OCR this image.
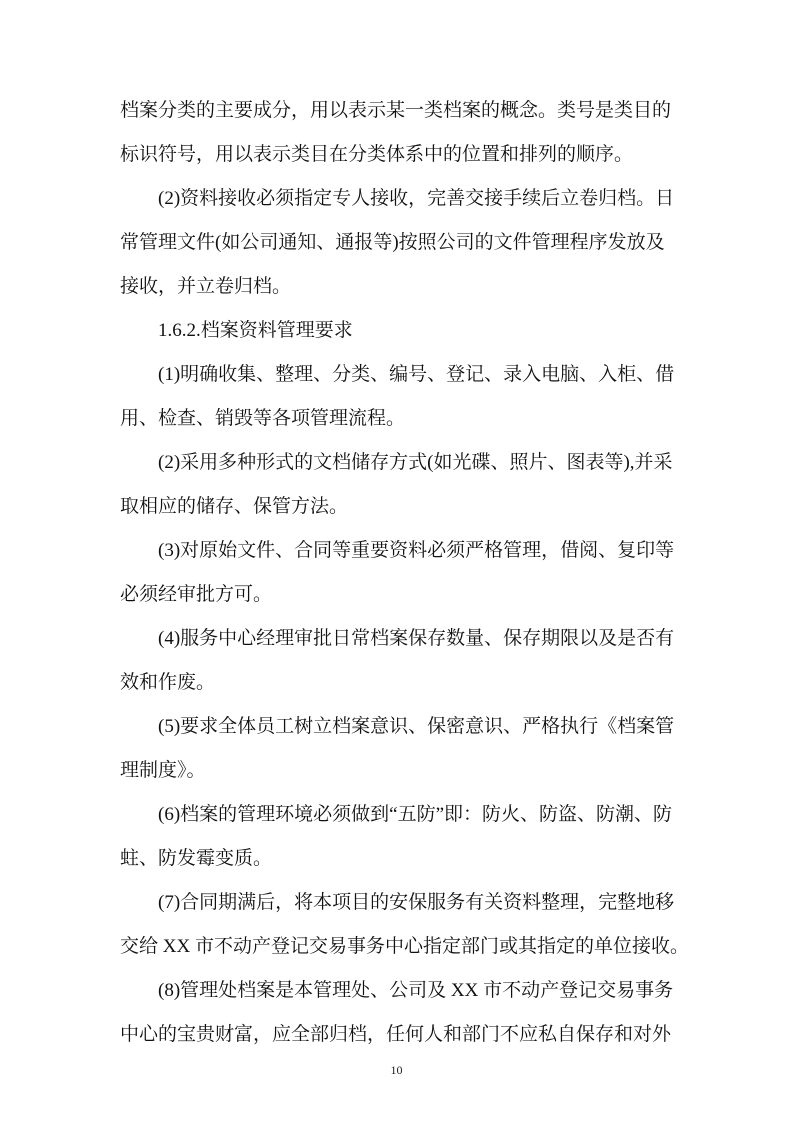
档案分类的主要成分，用以表示某一类档案的概念。类号是类目的
标识符号，用以表示类目在分类体系中的位置和排列的顺序。
(2)资料接收必须指定专人接收，完善交接手续后立卷归档。日
常管理文件(如公司通知、通报等)按照公司的文件管理程序发放及
接收，并立卷归档。
1.6.2.档案资料管理要求
(1)明确收集、整理、分类、编号、登记、录入电脑、入柜、借
用、检查、销毁等各项管理流程。
(2)采用多种形式的文档储存方式(如光碟、照片、图表等),并采
取相应的储存、保管方法。
(3)对原始文件、合同等重要资料必须严格管理，借阅、复印等
必须经审批方可。
(4)服务中心经理审批日常档案保存数量、保存期限以及是否有
效和作废。
(5)要求全体员工树立档案意识、保密意识、严格执行《档案管
理制度》。
(6)档案的管理环境必须做到“五防”即：防火、防盗、防潮、防
蛀、防发霉变质。
(7)合同期满后，将本项目的安保服务有关资料整理，完整地移
交给 XX 市不动产登记交易事务中心指定部门或其指定的单位接收。
(8)管理处档案是本管理处、公司及 XX 市不动产登记交易事务
中心的宝贵财富，应全部归档，任何人和部门不应私自保存和对外
10
